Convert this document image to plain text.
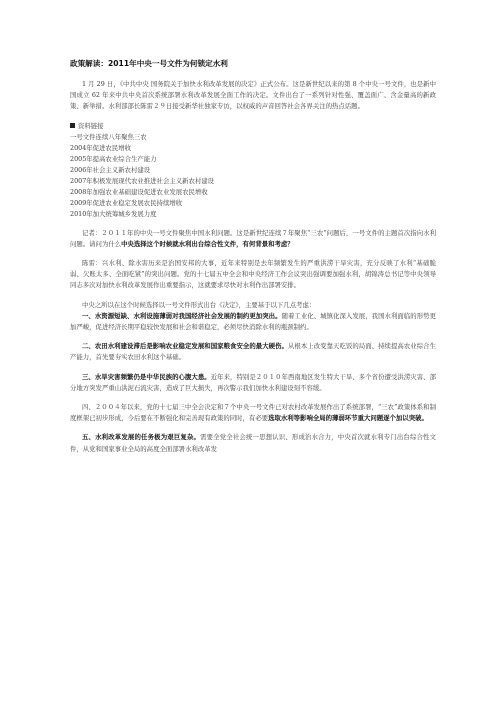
政策解读：2011年中央一号文件为何锁定水利

1 月 29 日，《中共中央 国务院关于加快水利改革发展的决定》正式公布。这是新世纪以来的第 8 个中央一号文件，也是新中国成立 62 年来中共中央首次系统部署水利改革发展全面工作的决定。文件出台了一系列针对性强、覆盖面广、含金量高的新政策、新举措。水利部部长陈雷２９日接受新华社独家专访，以权威的声音回答社会各界关注的热点话题。

资料链接

一号文件连续八年聚焦三农

2004年促进农民增收

2005年提高农业综合生产能力

2006年社会主义新农村建设

2007年积极发展现代农业推进社会主义新农村建设

2008年加强农业基础建设促进农业发展农民增收

2009年促进农业稳定发展农民持续增收

2010年加大统筹城乡发展力度

记者：２０１１年的中央一号文件聚焦中国水利问题。这是新世纪连续７年聚焦“三农”问题后，一号文件的主题首次指向水利问题。请问为什么中央选择这个时候就水利出台综合性文件，有何背景和考虑？

陈雷：兴水利、除水害历来是治国安邦的大事，近年来特别是去年频繁发生的严重洪涝干旱灾害，充分反映了水利“基础脆弱、欠账太多、全面吃紧”的突出问题。党的十七届五中全会和中央经济工作会议突出强调要加强水利，胡锦涛总书记等中央领导同志多次对加快水利改革发展作出重要指示，这就要求尽快对水利作出部署安排。

中央之所以在这个时候选择以一号文件形式出台《决定》，主要基于以下几点考虑：

一、水资源短缺、水利设施薄弱对我国经济社会发展的制约更加突出。随着工业化、城镇化深入发展，我国水利面临的形势更加严峻，促进经济长期平稳较快发展和社会和谐稳定，必须尽快消除水利的瓶颈制约。

二、农田水利建设滞后是影响农业稳定发展和国家粮食安全的最大硬伤。从根本上改变靠天吃饭的局面、持续提高农业综合生产能力，首先要夯实农田水利这个基础。

三、水旱灾害频繁仍是中华民族的心腹大患。近年来，特别是２０１０年西南地区发生特大干旱、多个省份遭受洪涝灾害、部分地方突发严重山洪泥石流灾害，造成了巨大损失，再次警示我们加快水利建设刻不容缓。

四、２００４年以来，党的十七届三中全会决定和７个中央一号文件已对农村改革发展作出了系统部署，“三农”政策体系和制度框架已初步形成，今后要在不断强化和完善现有政策的同时，有必要选取水利等影响全局的薄弱环节重大问题逐个加以突破。

五、水利改革发展的任务极为艰巨复杂。需要全党全社会统一思想认识、形成治水合力，中央首次就水利专门出台综合性文件，从党和国家事业全局的高度全面部署水利改革发
